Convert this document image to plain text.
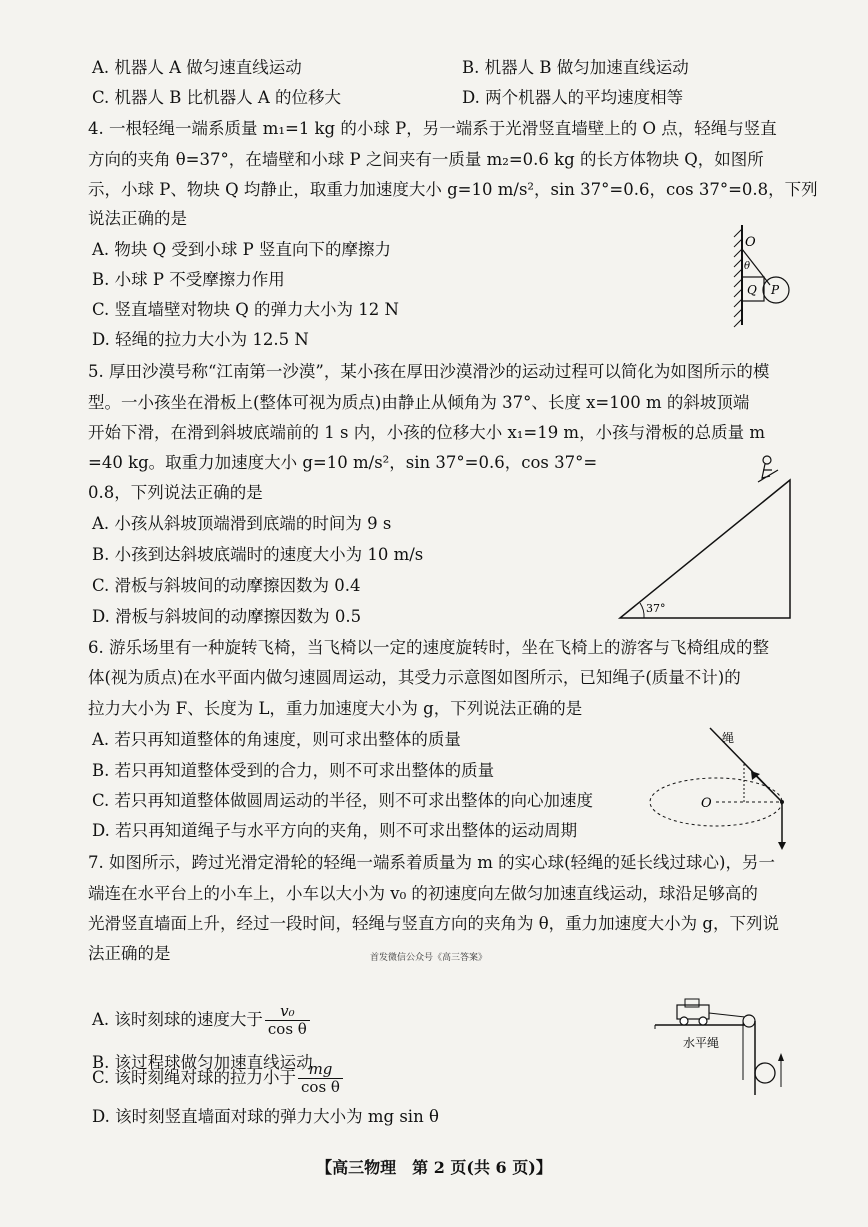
A. 机器人 A 做匀速直线运动	B. 机器人 B 做匀加速直线运动
C. 机器人 B 比机器人 A 的位移大	D. 两个机器人的平均速度相等
4. 一根轻绳一端系质量 m₁=1 kg 的小球 P，另一端系于光滑竖直墙壁上的 O 点，轻绳与竖直
方向的夹角 θ=37°，在墙壁和小球 P 之间夹有一质量 m₂=0.6 kg 的长方体物块 Q，如图所
示，小球 P、物块 Q 均静止，取重力加速度大小 g=10 m/s²，sin 37°=0.6，cos 37°=0.8，下列
说法正确的是
A. 物块 Q 受到小球 P 竖直向下的摩擦力
B. 小球 P 不受摩擦力作用
C. 竖直墙壁对物块 Q 的弹力大小为 12 N
D. 轻绳的拉力大小为 12.5 N
O
θ
Q P
5. 厚田沙漠号称“江南第一沙漠”，某小孩在厚田沙漠滑沙的运动过程可以简化为如图所示的模
型。一小孩坐在滑板上(整体可视为质点)由静止从倾角为 37°、长度 x=100 m 的斜坡顶端
开始下滑，在滑到斜坡底端前的 1 s 内，小孩的位移大小 x₁=19 m，小孩与滑板的总质量 m
=40 kg。取重力加速度大小 g=10 m/s²，sin 37°=0.6，cos 37°=
0.8，下列说法正确的是
A. 小孩从斜坡顶端滑到底端的时间为 9 s
B. 小孩到达斜坡底端时的速度大小为 10 m/s
C. 滑板与斜坡间的动摩擦因数为 0.4
D. 滑板与斜坡间的动摩擦因数为 0.5	37°
6. 游乐场里有一种旋转飞椅，当飞椅以一定的速度旋转时，坐在飞椅上的游客与飞椅组成的整
体(视为质点)在水平面内做匀速圆周运动，其受力示意图如图所示，已知绳子(质量不计)的
拉力大小为 F、长度为 L，重力加速度大小为 g，下列说法正确的是
A. 若只再知道整体的角速度，则可求出整体的质量
B. 若只再知道整体受到的合力，则不可求出整体的质量
C. 若只再知道整体做圆周运动的半径，则不可求出整体的向心加速度
D. 若只再知道绳子与水平方向的夹角，则不可求出整体的运动周期
绳
O
7. 如图所示，跨过光滑定滑轮的轻绳一端系着质量为 m 的实心球(轻绳的延长线过球心)，另一
端连在水平台上的小车上，小车以大小为 v₀ 的初速度向左做匀加速直线运动，球沿足够高的
光滑竖直墙面上升，经过一段时间，轻绳与竖直方向的夹角为 θ，重力加速度大小为 g，下列说
法正确的是	首发微信公众号《高三答案》
A. 该时刻球的速度大于 $\frac{\text{v₀}}{\text{cos θ}}$
B. 该过程球做匀加速直线运动
C. 该时刻绳对球的拉力小于 $\frac{mg}{\text{cos θ}}$
D. 该时刻竖直墙面对球的弹力大小为 mg sin θ
水平绳
【高三物理　第 2 页(共 6 页)】
